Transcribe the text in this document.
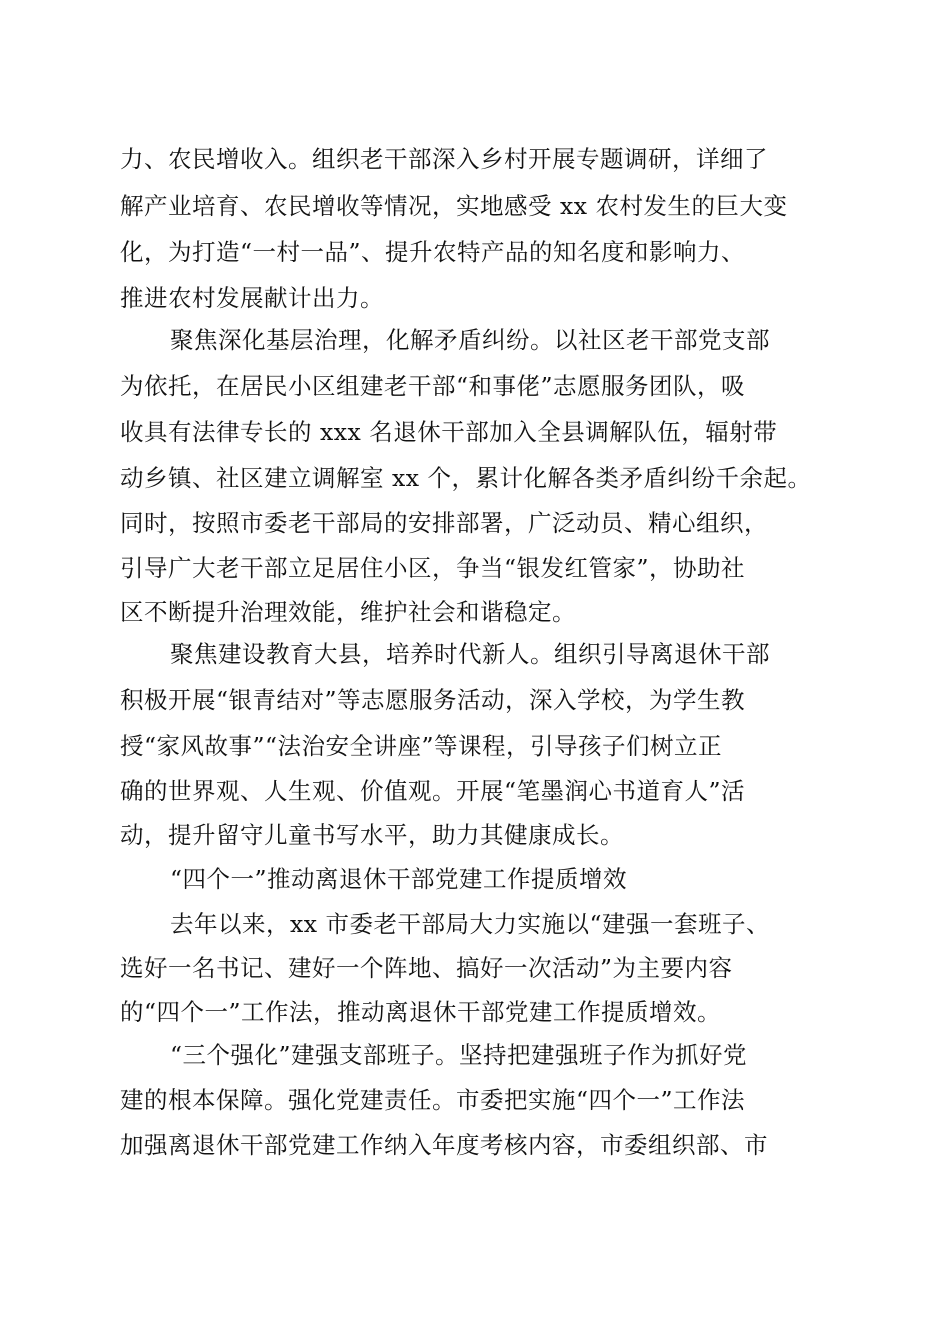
力、农民增收入。组织老干部深入乡村开展专题调研，详细了

解产业培育、农民增收等情况，实地感受 xx 农村发生的巨大变

化，为打造“一村一品”、提升农特产品的知名度和影响力、

推进农村发展献计出力。

聚焦深化基层治理，化解矛盾纠纷。以社区老干部党支部

为依托，在居民小区组建老干部“和事佬”志愿服务团队，吸

收具有法律专长的 xxx 名退休干部加入全县调解队伍，辐射带

动乡镇、社区建立调解室 xx 个，累计化解各类矛盾纠纷千余起。

同时，按照市委老干部局的安排部署，广泛动员、精心组织，

引导广大老干部立足居住小区，争当“银发红管家”，协助社

区不断提升治理效能，维护社会和谐稳定。

聚焦建设教育大县，培养时代新人。组织引导离退休干部

积极开展“银青结对”等志愿服务活动，深入学校，为学生教

授“家风故事”“法治安全讲座”等课程，引导孩子们树立正

确的世界观、人生观、价值观。开展“笔墨润心书道育人”活

动，提升留守儿童书写水平，助力其健康成长。

“四个一”推动离退休干部党建工作提质增效

去年以来，xx 市委老干部局大力实施以“建强一套班子、

选好一名书记、建好一个阵地、搞好一次活动”为主要内容

的“四个一”工作法，推动离退休干部党建工作提质增效。

“三个强化”建强支部班子。坚持把建强班子作为抓好党

建的根本保障。强化党建责任。市委把实施“四个一”工作法

加强离退休干部党建工作纳入年度考核内容，市委组织部、市
